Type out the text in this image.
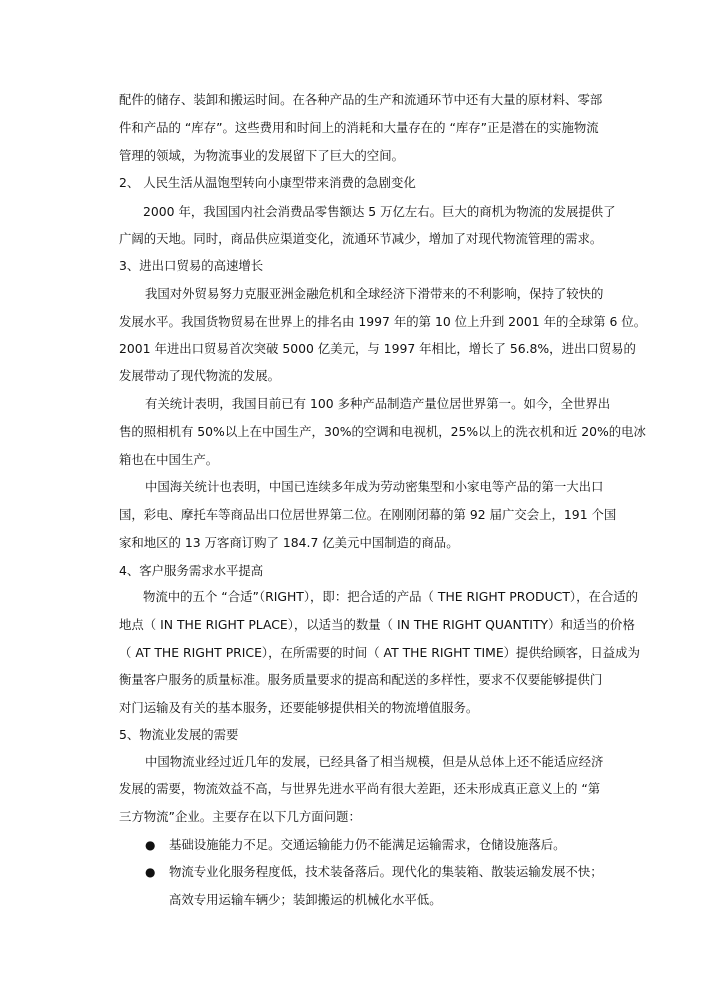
配件的储存、装卸和搬运时间。在各种产品的生产和流通环节中还有大量的原材料、零部
件和产品的 “库存”。这些费用和时间上的消耗和大量存在的 “库存”正是潜在的实施物流
管理的领域，为物流事业的发展留下了巨大的空间。
2、 人民生活从温饱型转向小康型带来消费的急剧变化
2000 年，我国国内社会消费品零售额达 5 万亿左右。巨大的商机为物流的发展提供了
广阔的天地。同时，商品供应渠道变化，流通环节减少，增加了对现代物流管理的需求。
3、进出口贸易的高速增长
我国对外贸易努力克服亚洲金融危机和全球经济下滑带来的不利影响，保持了较快的
发展水平。我国货物贸易在世界上的排名由 1997 年的第 10 位上升到 2001 年的全球第 6 位。
2001 年进出口贸易首次突破 5000 亿美元，与 1997 年相比，增长了 56.8%，进出口贸易的
发展带动了现代物流的发展。
有关统计表明，我国目前已有 100 多种产品制造产量位居世界第一。如今，全世界出
售的照相机有 50%以上在中国生产，30%的空调和电视机，25%以上的洗衣机和近 20%的电冰
箱也在中国生产。
中国海关统计也表明，中国已连续多年成为劳动密集型和小家电等产品的第一大出口
国，彩电、摩托车等商品出口位居世界第二位。在刚刚闭幕的第 92 届广交会上，191 个国
家和地区的 13 万客商订购了 184.7 亿美元中国制造的商品。
4、客户服务需求水平提高
物流中的五个 “合适”（RIGHT），即：把合适的产品（ THE RIGHT PRODUCT），在合适的
地点（ IN THE RIGHT PLACE），以适当的数量（ IN THE RIGHT QUANTITY）和适当的价格
（ AT THE RIGHT PRICE），在所需要的时间（ AT THE RIGHT TIME）提供给顾客，日益成为
衡量客户服务的质量标准。服务质量要求的提高和配送的多样性，要求不仅要能够提供门
对门运输及有关的基本服务，还要能够提供相关的物流增值服务。
5、物流业发展的需要
中国物流业经过近几年的发展，已经具备了相当规模，但是从总体上还不能适应经济
发展的需要，物流效益不高，与世界先进水平尚有很大差距，还未形成真正意义上的 “第
三方物流”企业。主要存在以下几方面问题：
● 基础设施能力不足。交通运输能力仍不能满足运输需求，仓储设施落后。
● 物流专业化服务程度低，技术装备落后。现代化的集装箱、散装运输发展不快；
高效专用运输车辆少；装卸搬运的机械化水平低。
